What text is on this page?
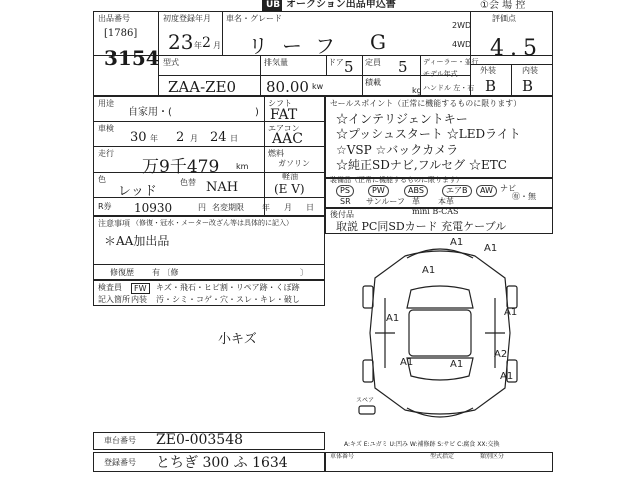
UB オークション出品申込書	①会 場 控
出品番号
[1786]
3154
初度登録年月
23 年 2 月
車名・グレード
リーフ G
2WD
4WD
評価点
4.5
外装	内装
B B
型式
ZAA-ZE0
排気量
80.00 kw
ドア 5 定員 5
積載
kg
ディーラー・並行
モデル年式
ハンドル 左・右
用途
自家用・(	)
車検
30 年 2 月 24 日
走行
万9千479 km
色
レッド
色替 NAH
R券 10930	円 名変期限 年 月 日
シフト
FAT
エアコン
AAC
燃料
ガソリン
軽油
(E V)
セールスポイント（正常に機能するものに限ります）
☆インテリジェントキー
☆プッシュスタート ☆LEDライト
☆VSP ☆バックカメラ
☆純正SDナビ,フルセグ ☆ETC
装備品（正常に機能するものに限ります）
PS	PW	ABS	エアB	AW
SR サンルーフ 革 本革
ナビ
㊒・無
後付品	mini B-CAS
取説 PC同SDカード 充電ケーブル
注意事項 （修復・冠水・メーター改ざん等は具体的に記入）
＊AA加出品
修復歴 有 〔修	〕
検査員
記入箇所
FW
内装
キズ・飛石・ヒビ割・リペア跡・くぼ跡
汚・シミ・コゲ・穴・スレ・キレ・破し
小キズ
A1
A1
A1
A1
A1
A1	A1
A2
A1
スペア
A:キズ E:ユガミ U:凹み W:補修跡 S:サビ C:腐食 XX:交換
車台番号 ZE0-003548
登録番号 とちぎ 300 ふ 1634	車体番号	型式指定	類別区分
